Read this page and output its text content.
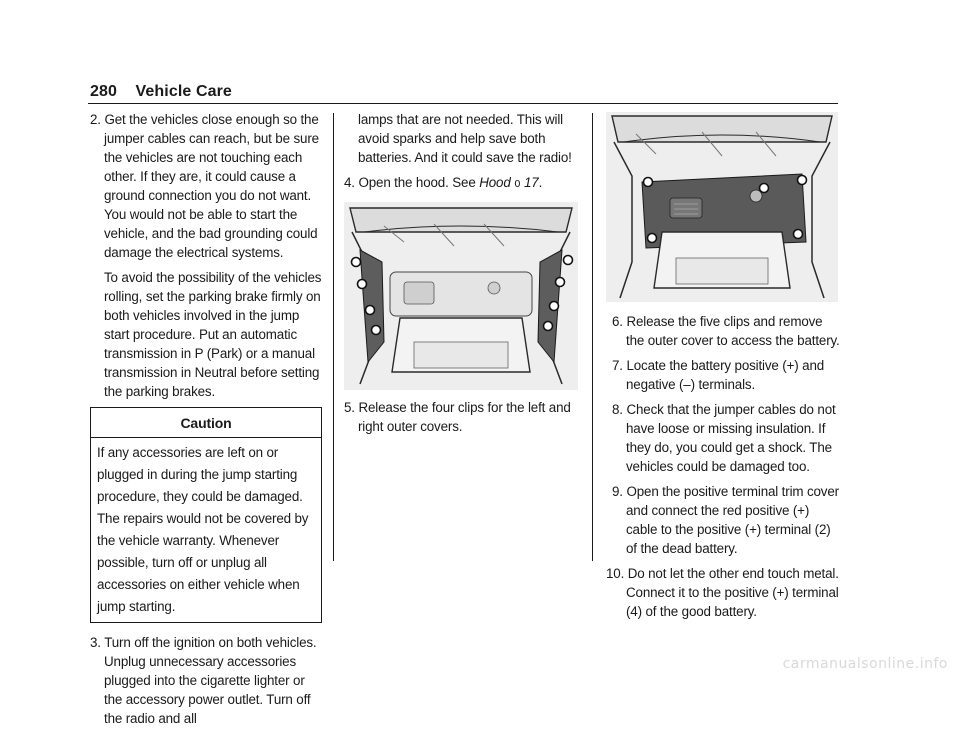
280 Vehicle Care

2. Get the vehicles close enough so the jumper cables can reach, but be sure the vehicles are not touching each other. If they are, it could cause a ground connection you do not want. You would not be able to start the vehicle, and the bad grounding could damage the electrical systems.

To avoid the possibility of the vehicles rolling, set the parking brake firmly on both vehicles involved in the jump start procedure. Put an automatic transmission in P (Park) or a manual transmission in Neutral before setting the parking brakes.

Caution
If any accessories are left on or plugged in during the jump starting procedure, they could be damaged. The repairs would not be covered by the vehicle warranty. Whenever possible, turn off or unplug all accessories on either vehicle when jump starting.

3. Turn off the ignition on both vehicles. Unplug unnecessary accessories plugged into the cigarette lighter or the accessory power outlet. Turn off the radio and all

lamps that are not needed. This will avoid sparks and help save both batteries. And it could save the radio!

4. Open the hood. See Hood 0 17.

5. Release the four clips for the left and right outer covers.

6. Release the five clips and remove the outer cover to access the battery.

7. Locate the battery positive (+) and negative (–) terminals.

8. Check that the jumper cables do not have loose or missing insulation. If they do, you could get a shock. The vehicles could be damaged too.

9. Open the positive terminal trim cover and connect the red positive (+) cable to the positive (+) terminal (2) of the dead battery.

10. Do not let the other end touch metal. Connect it to the positive (+) terminal (4) of the good battery.

carmanualsonline.info
